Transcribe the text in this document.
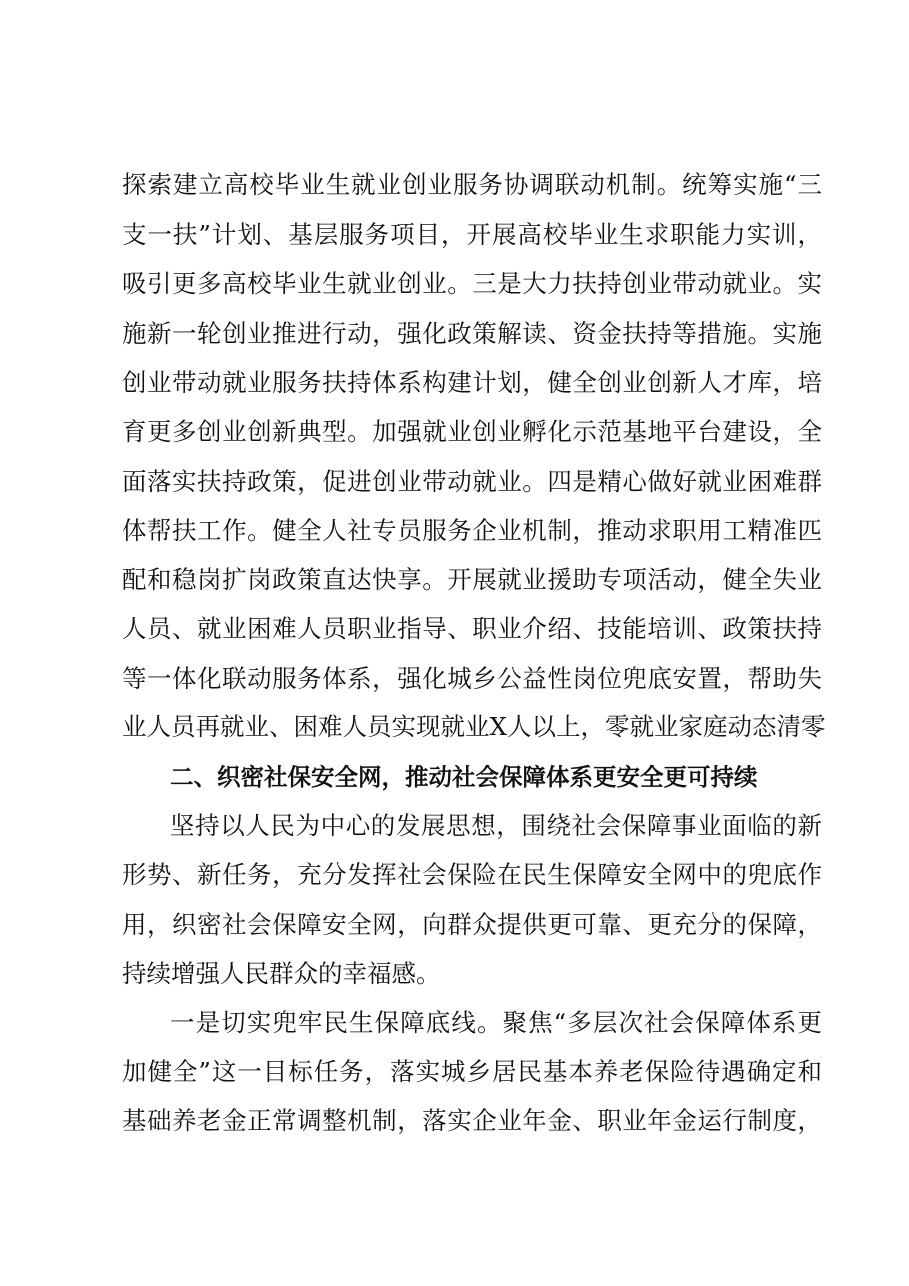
探索建立高校毕业生就业创业服务协调联动机制。统筹实施“三
支一扶”计划、基层服务项目，开展高校毕业生求职能力实训，
吸引更多高校毕业生就业创业。三是大力扶持创业带动就业。实
施新一轮创业推进行动，强化政策解读、资金扶持等措施。实施
创业带动就业服务扶持体系构建计划，健全创业创新人才库，培
育更多创业创新典型。加强就业创业孵化示范基地平台建设，全
面落实扶持政策，促进创业带动就业。四是精心做好就业困难群
体帮扶工作。健全人社专员服务企业机制，推动求职用工精准匹
配和稳岗扩岗政策直达快享。开展就业援助专项活动，健全失业
人员、就业困难人员职业指导、职业介绍、技能培训、政策扶持
等一体化联动服务体系，强化城乡公益性岗位兜底安置，帮助失
业人员再就业、困难人员实现就业X人以上，零就业家庭动态清零
二、织密社保安全网，推动社会保障体系更安全更可持续
坚持以人民为中心的发展思想，围绕社会保障事业面临的新
形势、新任务，充分发挥社会保险在民生保障安全网中的兜底作
用，织密社会保障安全网，向群众提供更可靠、更充分的保障，
持续增强人民群众的幸福感。
一是切实兜牢民生保障底线。聚焦“多层次社会保障体系更
加健全”这一目标任务，落实城乡居民基本养老保险待遇确定和
基础养老金正常调整机制，落实企业年金、职业年金运行制度，
